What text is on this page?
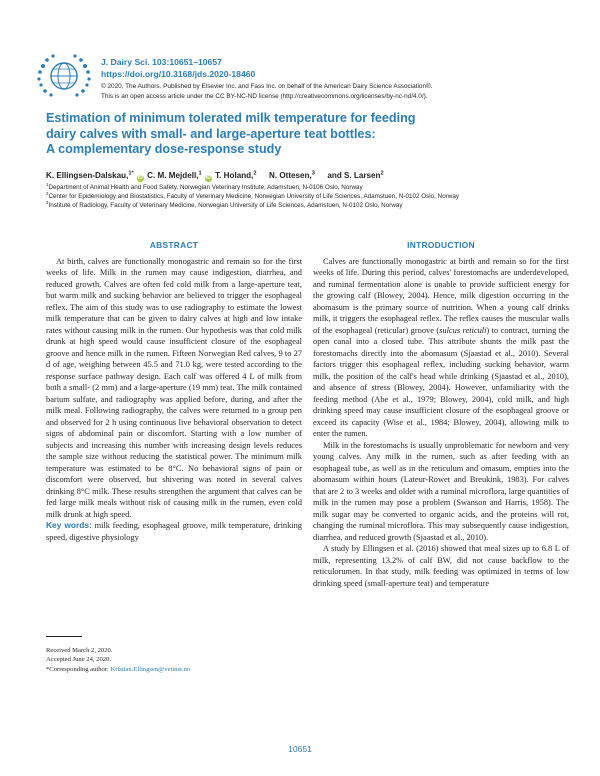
J. Dairy Sci. 103:10651–10657
https://doi.org/10.3168/jds.2020-18460
© 2020, The Authors. Published by Elsevier Inc. and Fass Inc. on behalf of the American Dairy Science Association®.
This is an open access article under the CC BY-NC-ND license (http://creativecommons.org/licenses/by-nc-nd/4.0/).
Estimation of minimum tolerated milk temperature for feeding
dairy calves with small- and large-aperture teat bottles:
A complementary dose-response study
K. Ellingsen-Dalskau,$^{1*}$ iD C. M. Mejdell,$^1$ iD T. Holand,$^2$ N. Ottesen,$^3$ and S. Larsen$^2$
$^1$Department of Animal Health and Food Safety, Norwegian Veterinary Institute, Adamstuen, N-0106 Oslo, Norway
$^2$Center for Epidemiology and Biostatistics, Faculty of Veterinary Medicine, Norwegian University of Life Sciences, Adamstuen, N-0102 Oslo, Norway
$^3$Institute of Radiology, Faculty of Veterinary Medicine, Norwegian University of Life Sciences, Adamstuen, N-0102 Oslo, Norway
ABSTRACT

At birth, calves are functionally monogastric and remain so for the first weeks of life. Milk in the rumen may cause indigestion, diarrhea, and reduced growth. Calves are often fed cold milk from a large-aperture teat, but warm milk and sucking behavior are believed to trigger the esophageal reflex. The aim of this study was to use radiography to estimate the lowest milk temperature that can be given to dairy calves at high and low intake rates without causing milk in the rumen. Our hypothesis was that cold milk drunk at high speed would cause insufficient closure of the esophageal groove and hence milk in the rumen. Fifteen Norwegian Red calves, 9 to 27 d of age, weighing between 45.5 and 71.0 kg, were tested according to the response surface pathway design. Each calf was offered 4 L of milk from both a small- (2 mm) and a large-aperture (19 mm) teat. The milk contained barium sulfate, and radiography was applied before, during, and after the milk meal. Following radiography, the calves were returned to a group pen and observed for 2 h using continuous live behavioral observation to detect signs of abdominal pain or discomfort. Starting with a low number of subjects and increasing this number with increasing design levels reduces the sample size without reducing the statistical power. The minimum milk temperature was estimated to be 8°C. No behavioral signs of pain or discomfort were observed, but shivering was noted in several calves drinking 8°C milk. These results strengthen the argument that calves can be fed large milk meals without risk of causing milk in the rumen, even cold milk drunk at high speed.

Key words: milk feeding, esophageal groove, milk temperature, drinking speed, digestive physiology

Received March 2, 2020.
Accepted June 24, 2020.
*Corresponding author: Kristian.Ellingsen@vetinst.no
INTRODUCTION

Calves are functionally monogastric at birth and remain so for the first weeks of life. During this period, calves' forestomachs are underdeveloped, and ruminal fermentation alone is unable to provide sufficient energy for the growing calf (Blowey, 2004). Hence, milk digestion occurring in the abomasum is the primary source of nutrition. When a young calf drinks milk, it triggers the esophageal reflex. The reflex causes the muscular walls of the esophageal (reticular) groove (sulcus reticuli) to contract, turning the open canal into a closed tube. This attribute shunts the milk past the forestomachs directly into the abomasum (Sjaastad et al., 2010). Several factors trigger this esophageal reflex, including sucking behavior, warm milk, the position of the calf's head while drinking (Sjaastad et al., 2010), and absence of stress (Blowey, 2004). However, unfamiliarity with the feeding method (Abe et al., 1979; Blowey, 2004), cold milk, and high drinking speed may cause insufficient closure of the esophageal groove or exceed its capacity (Wise et al., 1984; Blowey, 2004), allowing milk to enter the rumen.

Milk in the forestomachs is usually unproblematic for newborn and very young calves. Any milk in the rumen, such as after feeding with an esophageal tube, as well as in the reticulum and omasum, empties into the abomasum within hours (Lateur-Rowet and Breukink, 1983). For calves that are 2 to 3 weeks and older with a ruminal microflora, large quantities of milk in the rumen may pose a problem (Swanson and Harris, 1958). The milk sugar may be converted to organic acids, and the proteins will rot, changing the ruminal microflora. This may subsequently cause indigestion, diarrhea, and reduced growth (Sjaastad et al., 2010).

A study by Ellingsen et al. (2016) showed that meal sizes up to 6.8 L of milk, representing 13.2% of calf BW, did not cause backflow to the reticulorumen. In that study, milk feeding was optimized in terms of low drinking speed (small-aperture teat) and temperature

10651
